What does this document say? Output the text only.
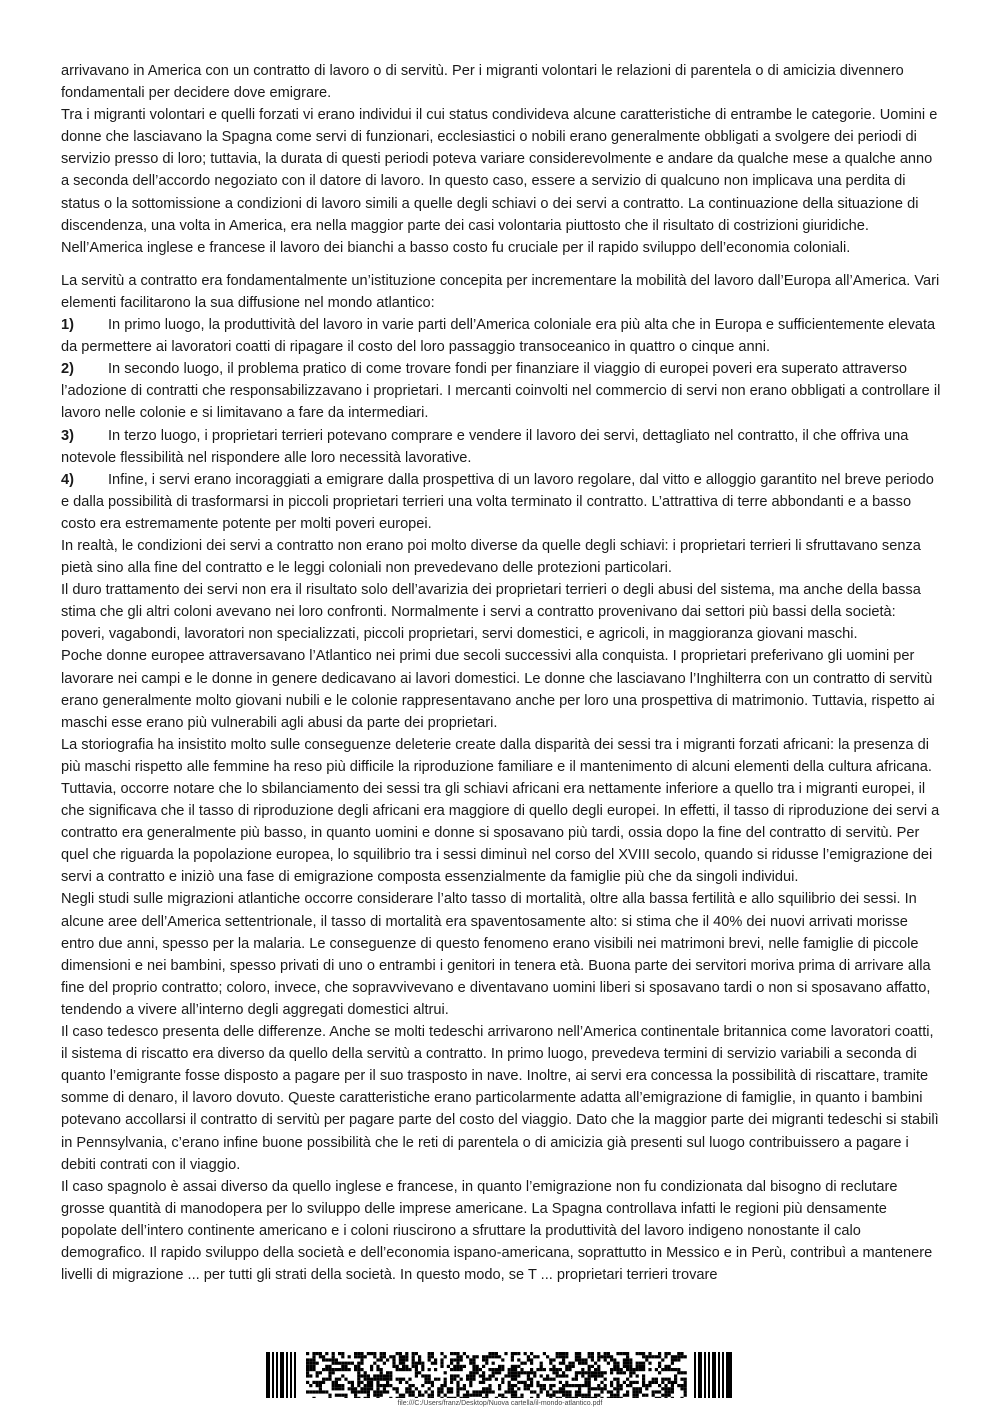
arrivavano in America con un contratto di lavoro o di servitù. Per i migranti volontari le relazioni di parentela o di amicizia divennero fondamentali per decidere dove emigrare.

Tra i migranti volontari e quelli forzati vi erano individui il cui status condivideva alcune caratteristiche di entrambe le categorie. Uomini e donne che lasciavano la Spagna come servi di funzionari, ecclesiastici o nobili erano generalmente obbligati a svolgere dei periodi di servizio presso di loro; tuttavia, la durata di questi periodi poteva variare considerevolmente e andare da qualche mese a qualche anno a seconda dell’accordo negoziato con il datore di lavoro. In questo caso, essere a servizio di qualcuno non implicava una perdita di status o la sottomissione a condizioni di lavoro simili a quelle degli schiavi o dei servi a contratto. La continuazione della situazione di discendenza, una volta in America, era nella maggior parte dei casi volontaria piuttosto che il risultato di costrizioni giuridiche.

Nell’America inglese e francese il lavoro dei bianchi a basso costo fu cruciale per il rapido sviluppo dell’economia coloniali.

La servitù a contratto era fondamentalmente un’istituzione concepita per incrementare la mobilità del lavoro dall’Europa all’America. Vari elementi facilitarono la sua diffusione nel mondo atlantico:

1) In primo luogo, la produttività del lavoro in varie parti dell’America coloniale era più alta che in Europa e sufficientemente elevata da permettere ai lavoratori coatti di ripagare il costo del loro passaggio transoceanico in quattro o cinque anni.

2) In secondo luogo, il problema pratico di come trovare fondi per finanziare il viaggio di europei poveri era superato attraverso l’adozione di contratti che responsabilizzavano i proprietari. I mercanti coinvolti nel commercio di servi non erano obbligati a controllare il lavoro nelle colonie e si limitavano a fare da intermediari.

3) In terzo luogo, i proprietari terrieri potevano comprare e vendere il lavoro dei servi, dettagliato nel contratto, il che offriva una notevole flessibilità nel rispondere alle loro necessità lavorative.

4) Infine, i servi erano incoraggiati a emigrare dalla prospettiva di un lavoro regolare, dal vitto e alloggio garantito nel breve periodo e dalla possibilità di trasformarsi in piccoli proprietari terrieri una volta terminato il contratto. L’attrattiva di terre abbondanti e a basso costo era estremamente potente per molti poveri europei.

In realtà, le condizioni dei servi a contratto non erano poi molto diverse da quelle degli schiavi: i proprietari terrieri li sfruttavano senza pietà sino alla fine del contratto e le leggi coloniali non prevedevano delle protezioni particolari.

Il duro trattamento dei servi non era il risultato solo dell’avarizia dei proprietari terrieri o degli abusi del sistema, ma anche della bassa stima che gli altri coloni avevano nei loro confronti. Normalmente i servi a contratto provenivano dai settori più bassi della società: poveri, vagabondi, lavoratori non specializzati, piccoli proprietari, servi domestici, e agricoli, in maggioranza giovani maschi.

Poche donne europee attraversavano l’Atlantico nei primi due secoli successivi alla conquista. I proprietari preferivano gli uomini per lavorare nei campi e le donne in genere dedicavano ai lavori domestici. Le donne che lasciavano l’Inghilterra con un contratto di servitù erano generalmente molto giovani nubili e le colonie rappresentavano anche per loro una prospettiva di matrimonio. Tuttavia, rispetto ai maschi esse erano più vulnerabili agli abusi da parte dei proprietari.

La storiografia ha insistito molto sulle conseguenze deleterie create dalla disparità dei sessi tra i migranti forzati africani: la presenza di più maschi rispetto alle femmine ha reso più difficile la riproduzione familiare e il mantenimento di alcuni elementi della cultura africana. Tuttavia, occorre notare che lo sbilanciamento dei sessi tra gli schiavi africani era nettamente inferiore a quello tra i migranti europei, il che significava che il tasso di riproduzione degli africani era maggiore di quello degli europei. In effetti, il tasso di riproduzione dei servi a contratto era generalmente più basso, in quanto uomini e donne si sposavano più tardi, ossia dopo la fine del contratto di servitù. Per quel che riguarda la popolazione europea, lo squilibrio tra i sessi diminuì nel corso del XVIII secolo, quando si ridusse l’emigrazione dei servi a contratto e iniziò una fase di emigrazione composta essenzialmente da famiglie più che da singoli individui.

Negli studi sulle migrazioni atlantiche occorre considerare l’alto tasso di mortalità, oltre alla bassa fertilità e allo squilibrio dei sessi. In alcune aree dell’America settentrionale, il tasso di mortalità era spaventosamente alto: si stima che il 40% dei nuovi arrivati morisse entro due anni, spesso per la malaria. Le conseguenze di questo fenomeno erano visibili nei matrimoni brevi, nelle famiglie di piccole dimensioni e nei bambini, spesso privati di uno o entrambi i genitori in tenera età. Buona parte dei servitori moriva prima di arrivare alla fine del proprio contratto; coloro, invece, che sopravvivevano e diventavano uomini liberi si sposavano tardi o non si sposavano affatto, tendendo a vivere all’interno degli aggregati domestici altrui.

Il caso tedesco presenta delle differenze. Anche se molti tedeschi arrivarono nell’America continentale britannica come lavoratori coatti, il sistema di riscatto era diverso da quello della servitù a contratto. In primo luogo, prevedeva termini di servizio variabili a seconda di quanto l’emigrante fosse disposto a pagare per il suo trasposto in nave. Inoltre, ai servi era concessa la possibilità di riscattare, tramite somme di denaro, il lavoro dovuto. Queste caratteristiche erano particolarmente adatta all’emigrazione di famiglie, in quanto i bambini potevano accollarsi il contratto di servitù per pagare parte del costo del viaggio. Dato che la maggior parte dei migranti tedeschi si stabilì in Pennsylvania, c’erano infine buone possibilità che le reti di parentela o di amicizia già presenti sul luogo contribuissero a pagare i debiti contrati con il viaggio.

Il caso spagnolo è assai diverso da quello inglese e francese, in quanto l’emigrazione non fu condizionata dal bisogno di reclutare grosse quantità di manodopera per lo sviluppo delle imprese americane. La Spagna controllava infatti le regioni più densamente popolate dell’intero continente americano e i coloni riuscirono a sfruttare la produttività del lavoro indigeno nonostante il calo demografico. Il rapido sviluppo della società e dell’economia ispano-americana, soprattutto in Messico e in Perù, contribuì a mantenere livelli di migrazione ... per tutti gli strati della società. In questo modo, se T ... proprietari terrieri trovare

file:///C:/Users/franz/Desktop/Nuova cartella/il-mondo-atlantico.pdf
